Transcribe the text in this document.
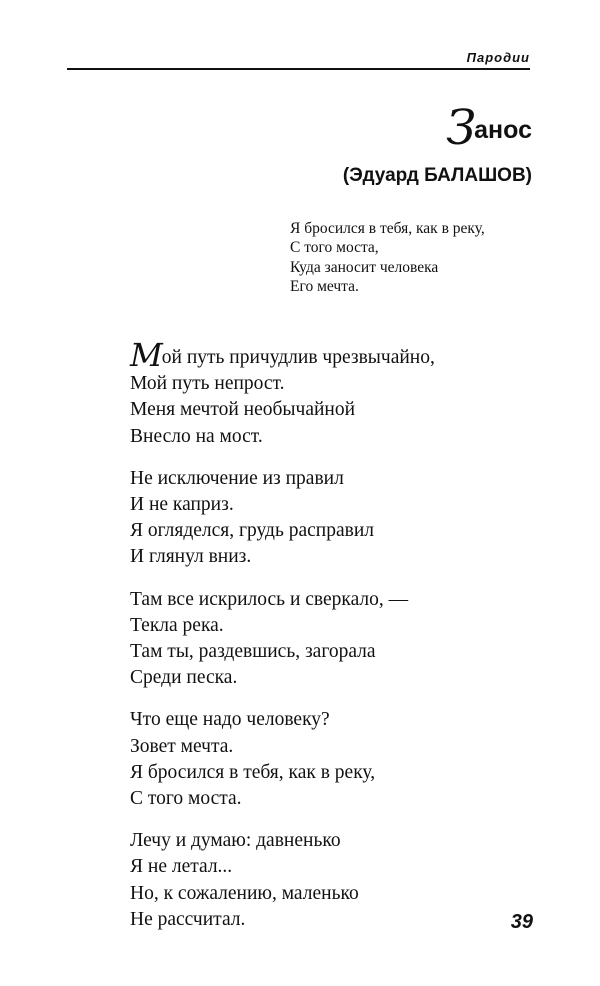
Пародии
Занос
(Эдуард БАЛАШОВ)
Я бросился в тебя, как в реку,
С того моста,
Куда заносит человека
Его мечта.
Мой путь причудлив чрезвычайно,
Мой путь непрост.
Меня мечтой необычайной
Внесло на мост.
Не исключение из правил
И не каприз.
Я огляделся, грудь расправил
И глянул вниз.
Там все искрилось и сверкало, —
Текла река.
Там ты, раздевшись, загорала
Среди песка.
Что еще надо человеку?
Зовет мечта.
Я бросился в тебя, как в реку,
С того моста.
Лечу и думаю: давненько
Я не летал...
Но, к сожалению, маленько
Не рассчитал.	39
